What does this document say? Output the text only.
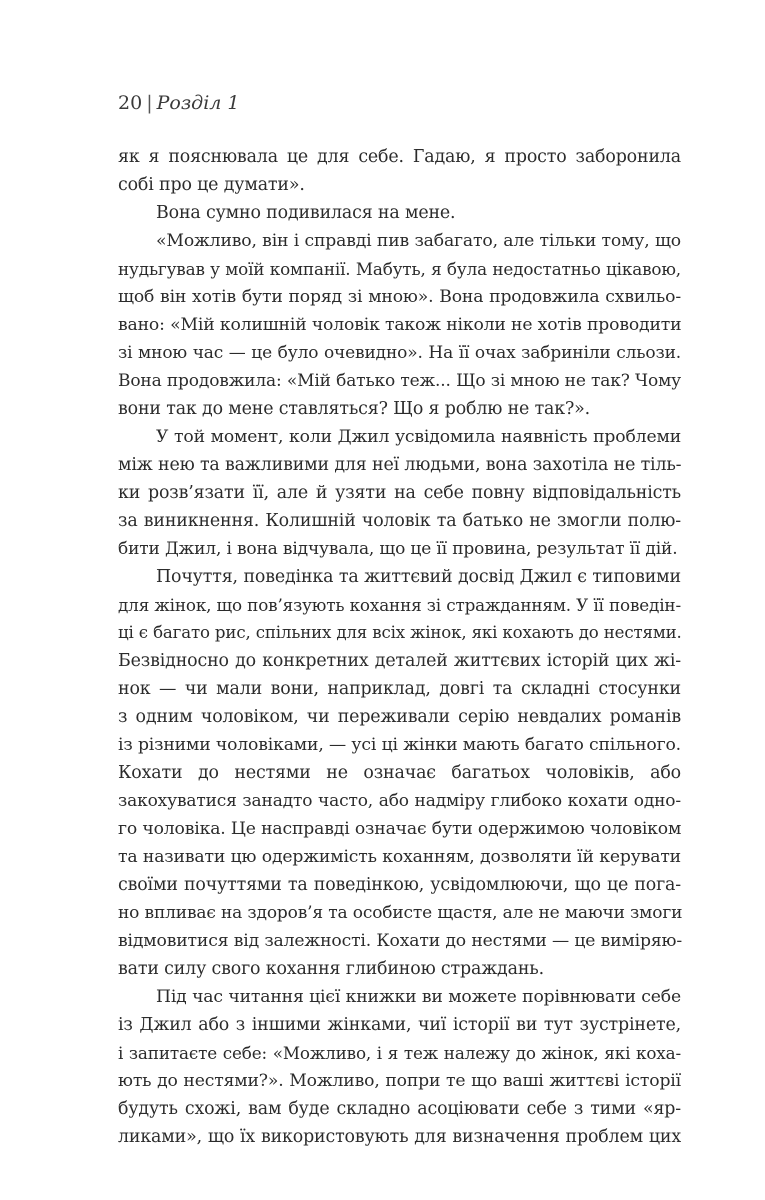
20 | Розділ 1
як я пояснювала це для себе. Гадаю, я просто заборонила
собі про це думати».
Вона сумно подивилася на мене.
«Можливо, він і справді пив забагато, але тільки тому, що
нудьгував у моїй компанії. Мабуть, я була недостатньо цікавою,
щоб він хотів бути поряд зі мною». Вона продовжила схвильо-
вано: «Мій колишній чоловік також ніколи не хотів проводити
зі мною час — це було очевидно». На її очах забриніли сльози.
Вона продовжила: «Мій батько теж... Що зі мною не так? Чому
вони так до мене ставляться? Що я роблю не так?».
У той момент, коли Джил усвідомила наявність проблеми
між нею та важливими для неї людьми, вона захотіла не тіль-
ки розв’язати її, але й узяти на себе повну відповідальність
за виникнення. Колишній чоловік та батько не змогли полю-
бити Джил, і вона відчувала, що це її провина, результат її дій.
Почуття, поведінка та життєвий досвід Джил є типовими
для жінок, що пов’язують кохання зі стражданням. У її поведін-
ці є багато рис, спільних для всіх жінок, які кохають до нестями.
Безвідносно до конкретних деталей життєвих історій цих жі-
нок — чи мали вони, наприклад, довгі та складні стосунки
з одним чоловіком, чи переживали серію невдалих романів
із різними чоловіками, — усі ці жінки мають багато спільного.
Кохати до нестями не означає багатьох чоловіків, або
закохуватися занадто часто, або надміру глибоко кохати одно-
го чоловіка. Це насправді означає бути одержимою чоловіком
та називати цю одержимість коханням, дозволяти їй керувати
своїми почуттями та поведінкою, усвідомлюючи, що це пога-
но впливає на здоров’я та особисте щастя, але не маючи змоги
відмовитися від залежності. Кохати до нестями — це виміряю-
вати силу свого кохання глибиною страждань.
Під час читання цієї книжки ви можете порівнювати себе
із Джил або з іншими жінками, чиї історії ви тут зустрінете,
і запитаєте себе: «Можливо, і я теж належу до жінок, які коха-
ють до нестями?». Можливо, попри те що ваші життєві історії
будуть схожі, вам буде складно асоціювати себе з тими «яр-
ликами», що їх використовують для визначення проблем цих
